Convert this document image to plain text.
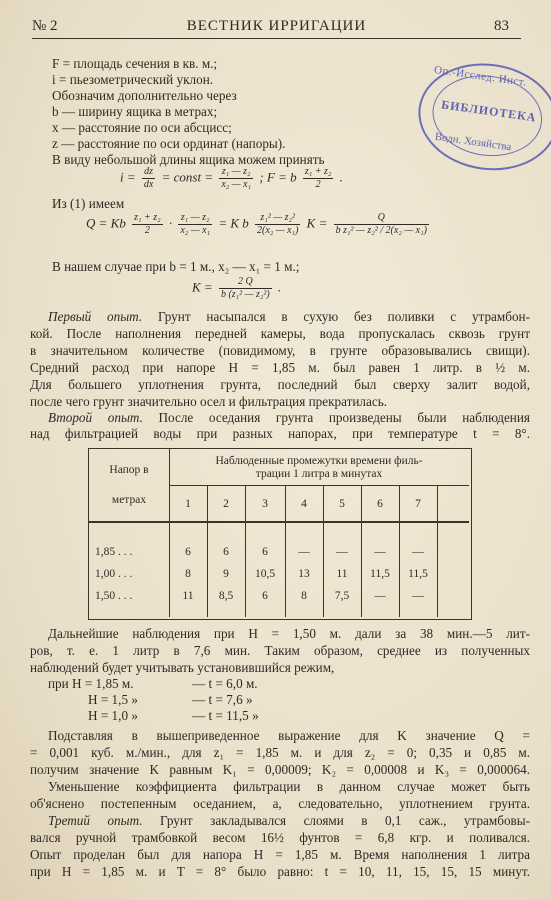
№ 2	ВЕСТНИК ИРРИГАЦИИ	83
Оп.-Исслед. Инст.
БИБЛИОТЕКА
Водн. Хозяйства
F = площадь сечения в кв. м.;
i = пьезометрический уклон.
Обозначим дополнительно через
b — ширину ящика в метрах;
x — расстояние по оси абсцисс;
z — расстояние по оси ординат (напоры).
В виду небольшой длины ящика можем принять
$i = \frac{dz}{dx}$ = const = $\frac{\text{z₁ — z₂}}{\text{x₂ — x₁}}$ ; F = b $\frac{\text{z₁ + z₂}}{2}$ .
Из (1) имеем
Q = Kb $\frac{\text{z₁ + z₂}}{2} \cdot \frac{\text{z₁ — z₂}}{\text{x₂ — x₁}} = K$ b $\frac{\text{z₁² — z₂²}}{\text{2(x₂ — x₁)}}$ $K = \frac{Q}{\text{b z₁² — z₂² / 2(x₂ — x₁)}}$
В нашем случае при b = 1 м., x₂ — x₁ = 1 м.;
$K = \frac{2 Q}{\text{b (z₁² — z₂²)}}$ .
Первый опыт. Грунт насыпался в сухую без поливки с утрамбон-
кой. После наполнения передней камеры, вода пропускалась сквозь грунт
в значительном количестве (повидимому, в грунте образовывались свищи).
Средний расход при напоре H = 1,85 м. был равен 1 литр. в ½ м.
Для большего уплотнения грунта, последний был сверху залит водой,
после чего грунт значительно осел и фильтрация прекратилась.
Второй опыт. После оседания грунта произведены были наблюдения
над фильтрацией воды при разных напорах, при температуре t = 8°.
Напор в
метрах
Наблюденные промежутки времени филь-
трации 1 литра в минутах
1	2	3	4	5	6	7
1,85 . . .	6	6	6	—	—	—	—
1,00 . . .	8	9	10,5	13	11	11,5	11,5
1,50 . . .	11	8,5	6	8	7,5	—	—
Дальнейшие наблюдения при H = 1,50 м. дали за 38 мин.—5 лит-
ров, т. е. 1 литр в 7,6 мин. Таким образом, среднее из полученных
наблюдений будет учитывать установившийся режим,
при H = 1,85 м.	— t = 6,0 м.
H = 1,5 »	— t = 7,6 »
H = 1,0 »	— t = 11,5 »
Подставляя в вышеприведенное выражение для K значение Q =
= 0,001 куб. м./мин., для z₁ = 1,85 м. и для z₂ = 0; 0,35 и 0,85 м.
получим значение K равным K₁ = 0,00009; K₂ = 0,00008 и K₃ = 0,000064.
Уменьшение коэффициента фильтрации в данном случае может быть
об'яснено постепенным оседанием, а, следовательно, уплотнением грунта.
Третий опыт. Грунт закладывался слоями в 0,1 саж., утрамбовы-
вался ручной трамбовкой весом 16½ фунтов = 6,8 кгр. и поливался.
Опыт проделан был для напора H = 1,85 м. Время наполнения 1 литра
при H = 1,85 м. и T = 8° было равно: t = 10, 11, 15, 15, 15 минут.
